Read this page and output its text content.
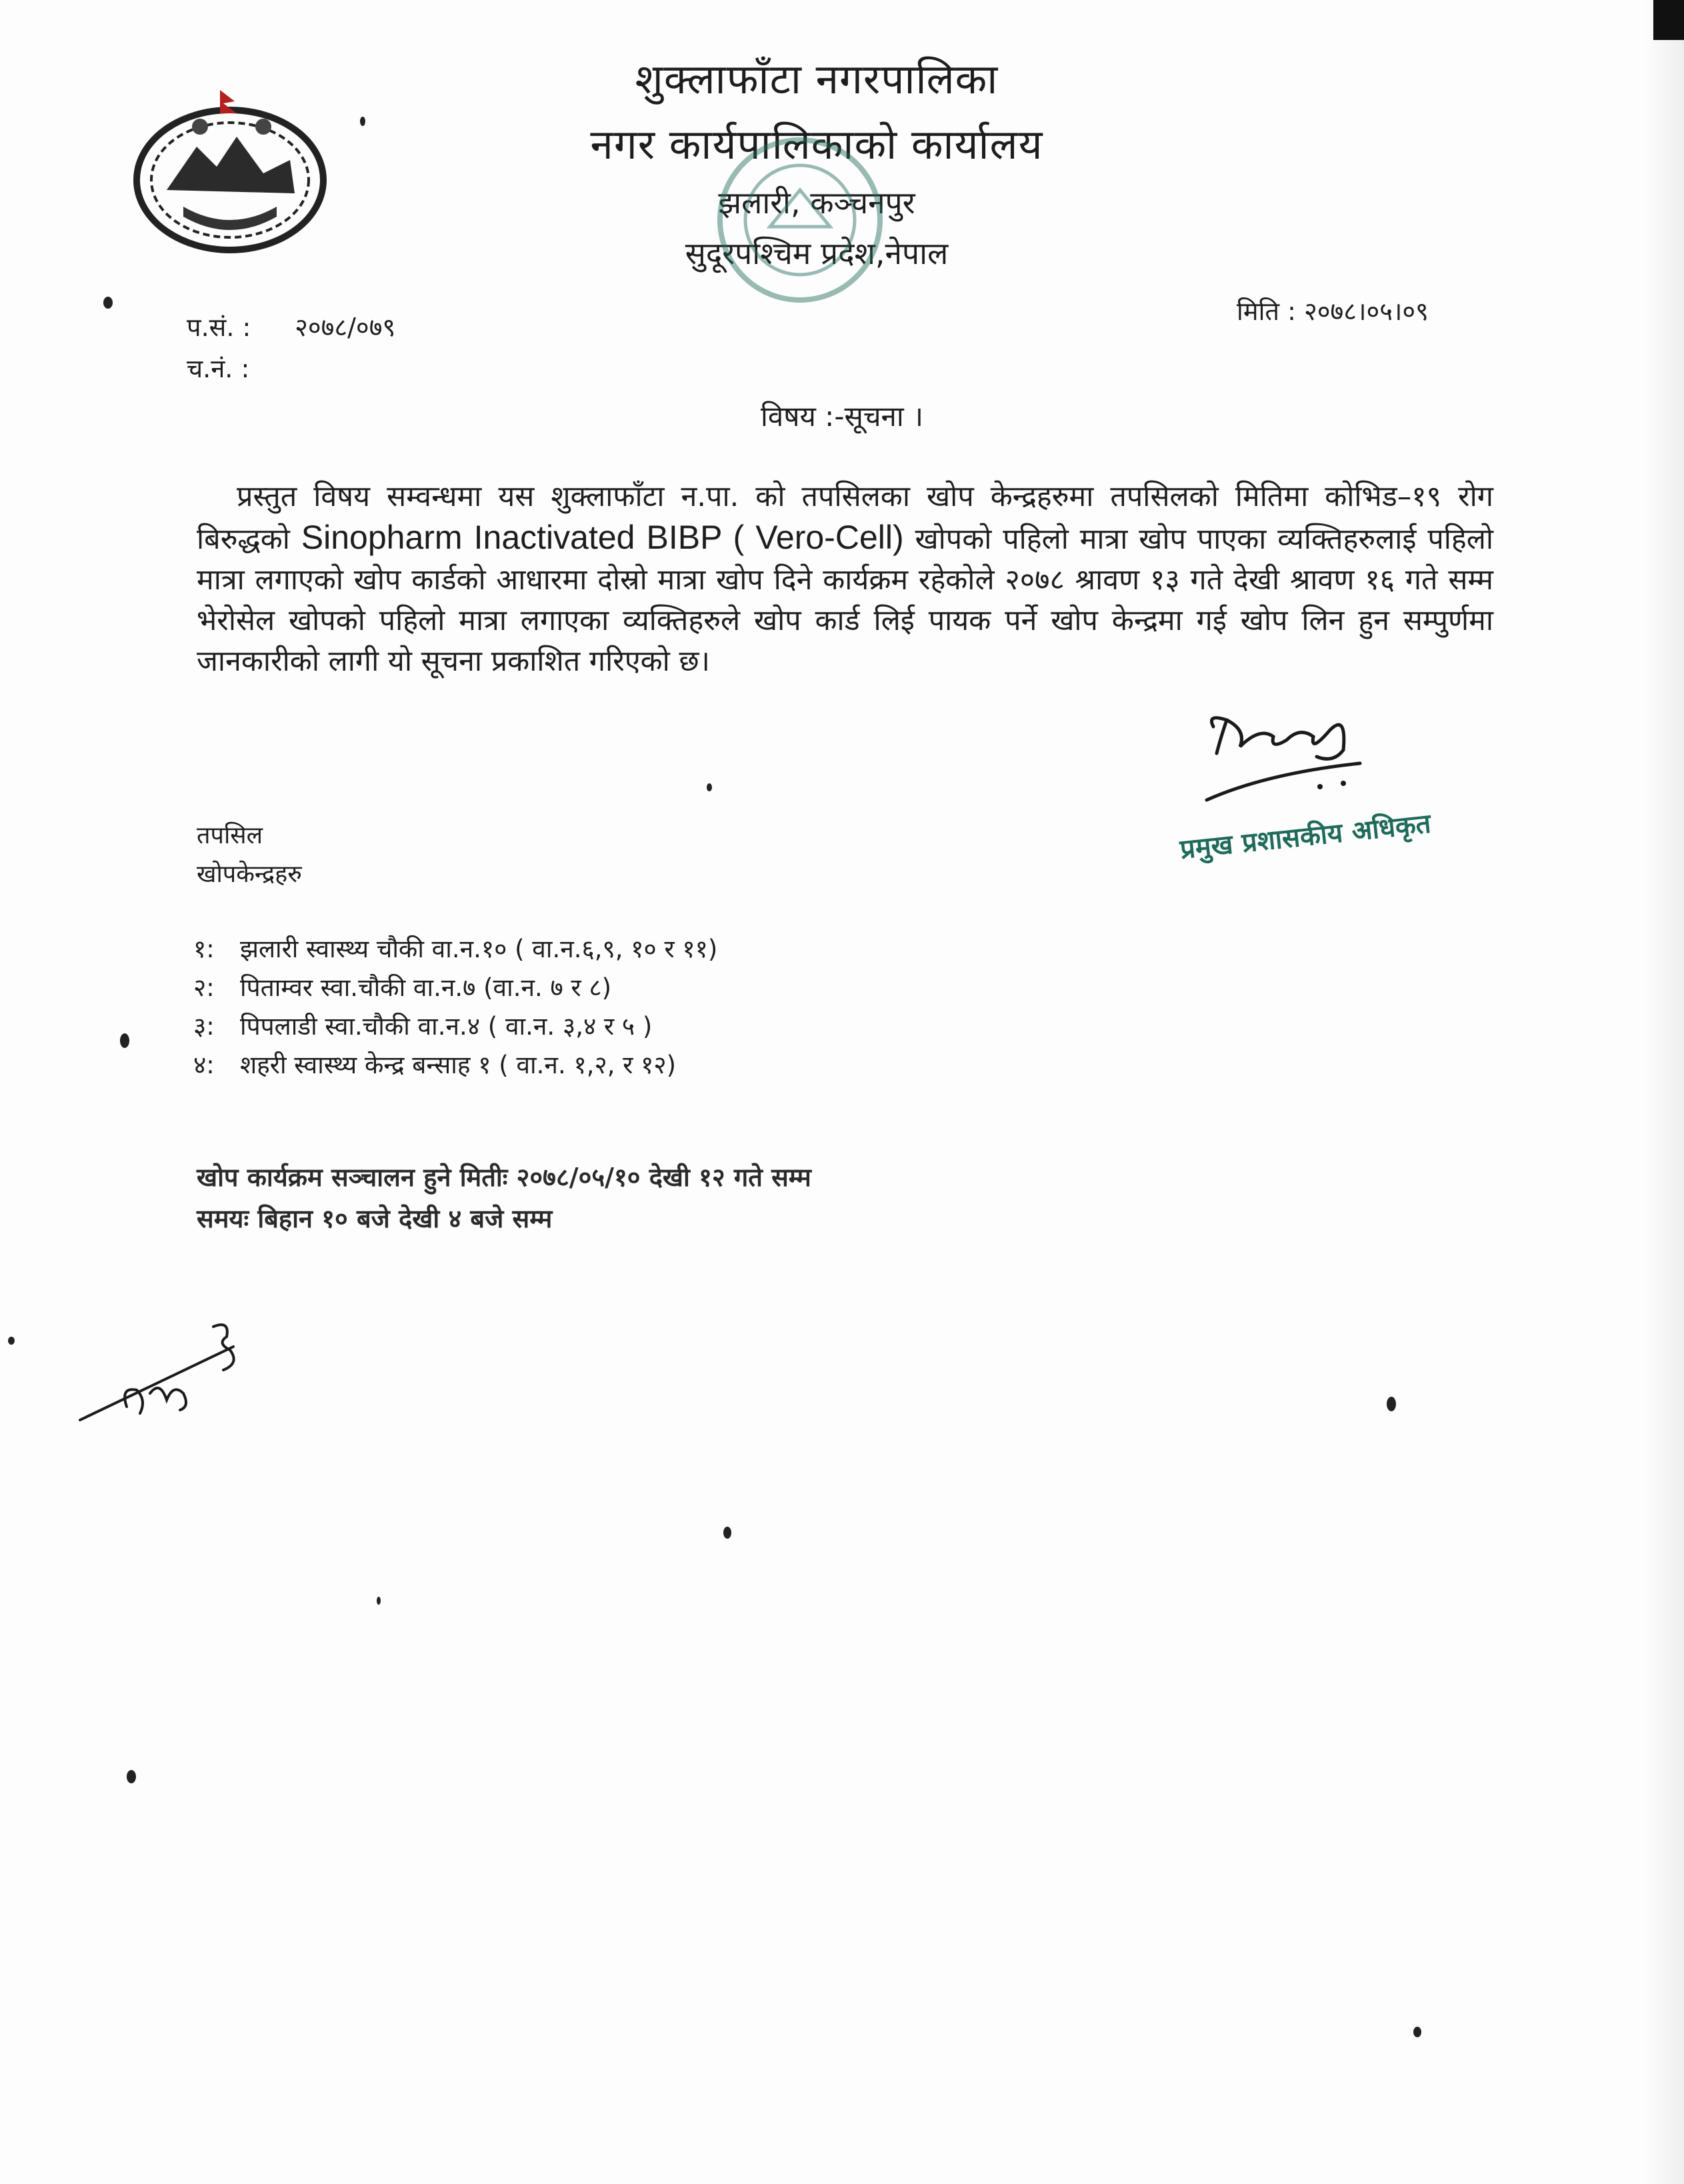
शुक्लाफाँटा नगरपालिका
नगर कार्यपालिकाको कार्यालय
झलारी, कञ्चनपुर
सुदूरपश्चिम प्रदेश,नेपाल
प.सं. : २०७८/०७९
च.नं. :
मिति : २०७८।०५।०९
विषय :-सूचना ।
प्रस्तुत विषय सम्वन्धमा यस शुक्लाफाँटा न.पा. को तपसिलका खोप केन्द्रहरुमा तपसिलको मितिमा कोभिड–१९ रोग बिरुद्धको Sinopharm Inactivated BIBP ( Vero-Cell) खोपको पहिलो मात्रा खोप पाएका व्यक्तिहरुलाई पहिलो मात्रा लगाएको खोप कार्डको आधारमा दोस्रो मात्रा खोप दिने कार्यक्रम रहेकोले २०७८ श्रावण १३ गते देखी श्रावण १६ गते सम्म भेरोसेल खोपको पहिलो मात्रा लगाएका व्यक्तिहरुले खोप कार्ड लिई पायक पर्ने खोप केन्द्रमा गई खोप लिन हुन सम्पुर्णमा जानकारीको लागी यो सूचना प्रकाशित गरिएको छ।
प्रमुख प्रशासकीय अधिकृत
तपसिल
खोपकेन्द्रहरु
१: झलारी स्वास्थ्य चौकी वा.न.१० ( वा.न.६,९, १० र ११)
२: पिताम्वर स्वा.चौकी वा.न.७ (वा.न. ७ र ८)
३: पिपलाडी स्वा.चौकी वा.न.४ ( वा.न. ३,४ र ५ )
४: शहरी स्वास्थ्य केन्द्र बन्साह १ ( वा.न. १,२, र १२)
खोप कार्यक्रम सञ्चालन हुने मितीः २०७८/०५/१० देखी १२ गते सम्म
समयः बिहान १० बजे देखी ४ बजे सम्म
